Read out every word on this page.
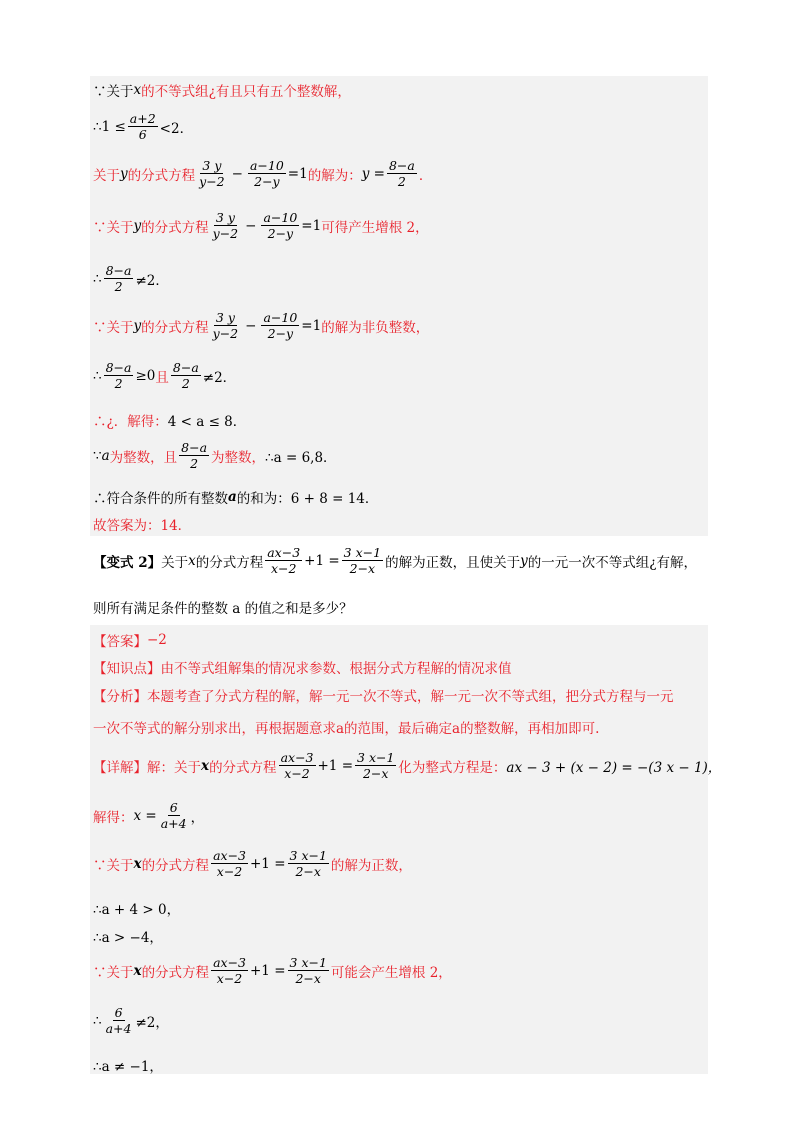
∵关于 x 的不等式组¿有且只有五个整数解，
∴1 ≤ $\frac{a+2}{6} <2$．
关于 y 的分式方程 $\frac{3 y}{y-2} - \frac{a-10}{2-y} =1$ 的解为： $y = \frac{8-a}{2}$ ．
∵关于 y 的分式方程 $\frac{3 y}{y-2} - \frac{a-10}{2-y} =1$ 可得产生增根 2，
∴ $\frac{8-a}{2} \ne 2$．
∵关于 y 的分式方程 $\frac{3 y}{y-2} - \frac{a-10}{2-y} =1$ 的解为非负整数，
∴ $\frac{8-a}{2} \ge 0$ 且 $\frac{8-a}{2} \ne 2$．
∴¿．解得： 4 < a ≤ 8．
∵ a 为整数，且 $\frac{8-a}{2}$ 为整数， ∴a = 6,8．
∴符合条件的所有整数 a 的和为： 6 + 8 = 14．
故答案为： 14．
【变式 2】 关于 x 的分式方程 $\frac{ax-3}{x-2} +1 = \frac{3 x-1}{2-x}$ 的解为正数，且使关于 y 的一元一次不等式组¿有解，
则所有满足条件的整数 a 的值之和是多少？
【答案】 −2
【知识点】 由不等式组解集的情况求参数、根据分式方程解的情况求值
【分析】 本题考查了分式方程的解，解一元一次不等式，解一元一次不等式组，把分式方程与一元
一次不等式的解分别求出，再根据题意求a的范围，最后确定a的整数解，再相加即可.
【详解】 解：关于 x 的分式方程 $\frac{ax-3}{x-2} +1 = \frac{3 x-1}{2-x}$ 化为整式方程是： ax − 3 + (x − 2) = −(3 x − 1)，
解得： $x = \frac{6}{a+4}$ ，
∵关于 x 的分式方程 $\frac{ax-3}{x-2} +1 = \frac{3 x-1}{2-x}$ 的解为正数，
∴a + 4 > 0，
∴a > −4，
∵关于 x 的分式方程 $\frac{ax-3}{x-2} +1 = \frac{3 x-1}{2-x}$ 可能会产生增根 2，
∴ $\frac{6}{a+4} \ne 2$，
∴a ≠ −1，
